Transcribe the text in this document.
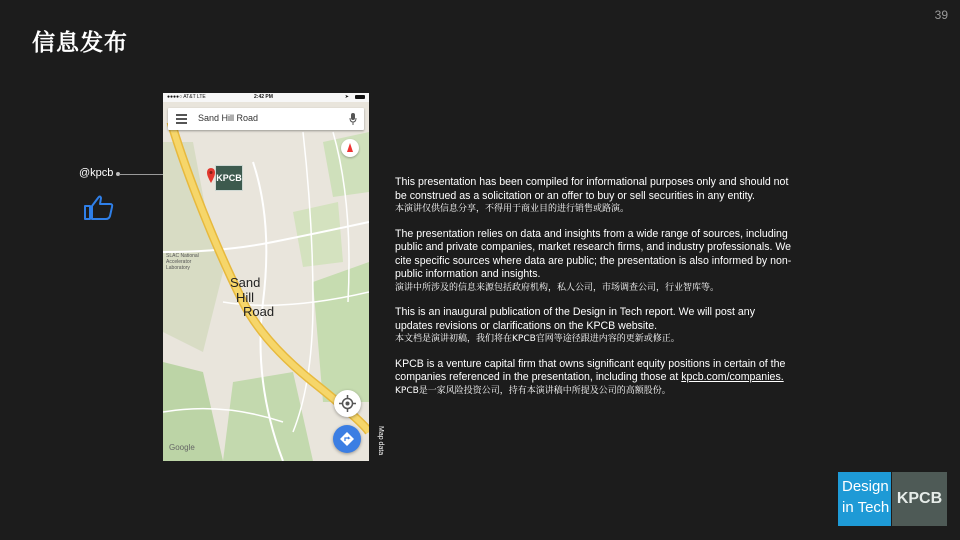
信息发布
39
@kpcb
●●●●○ AT&T LTE	2:42 PM	➤
Sand Hill Road
KPCB
Sand
Hill
Road
SLAC National Accelerator Laboratory
Google	Map data

This presentation has been compiled for informational purposes only and should not be construed as a solicitation or an offer to buy or sell securities in any entity.
本演讲仅供信息分享，不得用于商业目的进行销售或路演。

The presentation relies on data and insights from a wide range of sources, including public and private companies, market research firms, and industry professionals. We cite specific sources where data are public; the presentation is also informed by non-public information and insights.
演讲中所涉及的信息来源包括政府机构，私人公司，市场调查公司，行业智库等。

This is an inaugural publication of the Design in Tech report. We will post any updates revisions or clarifications on the KPCB website.
本文档是演讲初稿，我们将在KPCB官网等途径跟进内容的更新或修正。

KPCB is a venture capital firm that owns significant equity positions in certain of the companies referenced in the presentation, including those at kpcb.com/companies.
KPCB是一家风险投资公司，持有本演讲稿中所提及公司的高额股份。

Design
in Tech
KPCB
